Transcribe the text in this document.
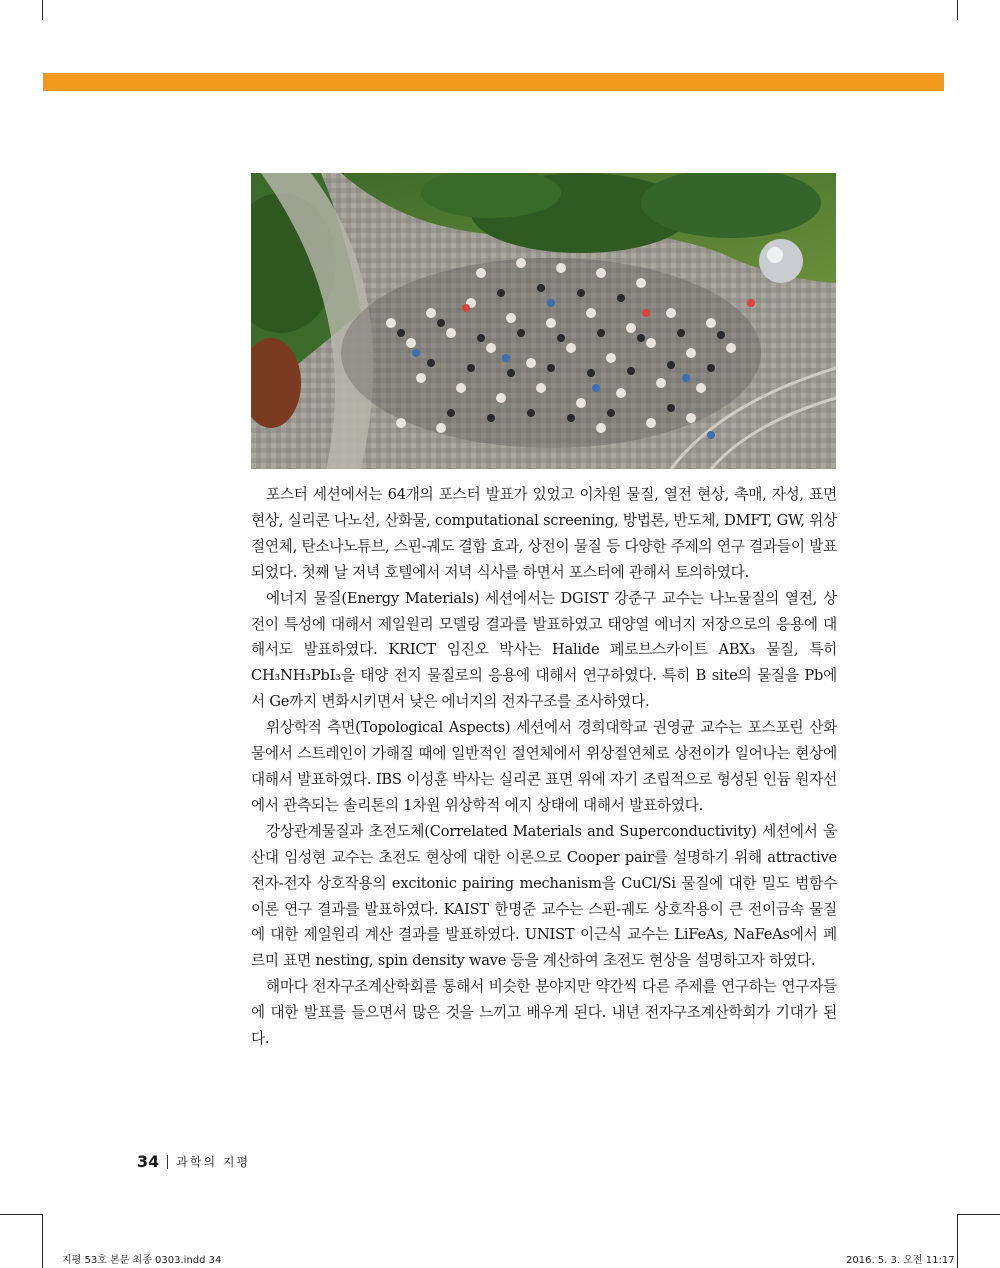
포스터 세션에서는 64개의 포스터 발표가 있었고 이차원 물질, 열전 현상, 촉매, 자성, 표면 현상, 실리콘 나노선, 산화물, computational screening, 방법론, 반도체, DMFT, GW, 위상절연체, 탄소나노튜브, 스핀-궤도 결합 효과, 상전이 물질 등 다양한 주제의 연구 결과들이 발표되었다. 첫째 날 저녁 호텔에서 저녁 식사를 하면서 포스터에 관해서 토의하였다.

에너지 물질(Energy Materials) 세션에서는 DGIST 강준구 교수는 나노물질의 열전, 상전이 특성에 대해서 제일원리 모델링 결과를 발표하였고 태양열 에너지 저장으로의 응용에 대해서도 발표하였다. KRICT 임진오 박사는 Halide 페로브스카이트 ABX₃ 물질, 특히 CH₃NH₃PbI₃을 태양 전지 물질로의 응용에 대해서 연구하였다. 특히 B site의 물질을 Pb에서 Ge까지 변화시키면서 낮은 에너지의 전자구조를 조사하였다.

위상학적 측면(Topological Aspects) 세션에서 경희대학교 권영균 교수는 포스포린 산화물에서 스트레인이 가해질 때에 일반적인 절연체에서 위상절연체로 상전이가 일어나는 현상에 대해서 발표하였다. IBS 이성훈 박사는 실리콘 표면 위에 자기 조립적으로 형성된 인듐 원자선에서 관측되는 솔리톤의 1차원 위상학적 에지 상태에 대해서 발표하였다.

강상관계물질과 초전도체(Correlated Materials and Superconductivity) 세션에서 울산대 임성현 교수는 초전도 현상에 대한 이론으로 Cooper pair를 설명하기 위해 attractive 전자-전자 상호작용의 excitonic pairing mechanism을 CuCl/Si 물질에 대한 밀도 범함수 이론 연구 결과를 발표하였다. KAIST 한명준 교수는 스핀-궤도 상호작용이 큰 전이금속 물질에 대한 제일원리 계산 결과를 발표하였다. UNIST 이근식 교수는 LiFeAs, NaFeAs에서 페르미 표면 nesting, spin density wave 등을 계산하여 초전도 현상을 설명하고자 하였다.

해마다 전자구조계산학회를 통해서 비슷한 분야지만 약간씩 다른 주제를 연구하는 연구자들에 대한 발표를 들으면서 많은 것을 느끼고 배우게 된다. 내년 전자구조계산학회가 기대가 된다.

34 과학의 지평
지평 53호 본문 최종 0303.indd 34	2016. 5. 3. 오전 11:17
